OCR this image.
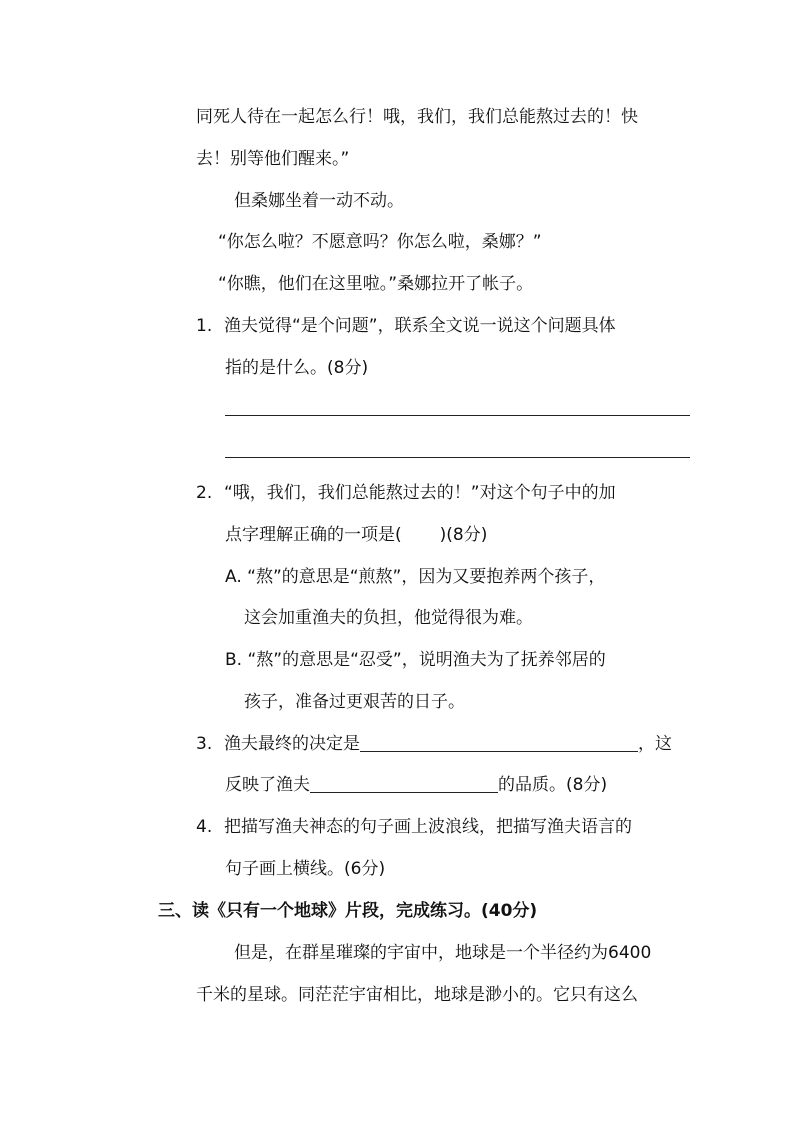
同死人待在一起怎么行！哦，我们，我们总能熬过去的！快
去！别等他们醒来。”
但桑娜坐着一动不动。
“你怎么啦？不愿意吗？你怎么啦，桑娜？”
“你瞧，他们在这里啦。”桑娜拉开了帐子。
1. 渔夫觉得“是个问题”，联系全文说一说这个问题具体
指的是什么。(8分)
2. “哦，我们，我们总能熬过去的！”对这个句子中的加
点字理解正确的一项是( )(8分)
A. “熬”的意思是“煎熬”，因为又要抱养两个孩子，
这会加重渔夫的负担，他觉得很为难。
B. “熬”的意思是“忍受”，说明渔夫为了抚养邻居的
孩子，准备过更艰苦的日子。
3. 渔夫最终的决定是	，这
反映了渔夫	的品质。(8分)
4. 把描写渔夫神态的句子画上波浪线，把描写渔夫语言的
句子画上横线。(6分)
三、读《只有一个地球》片段，完成练习。(40分)
但是，在群星璀璨的宇宙中，地球是一个半径约为6400
千米的星球。同茫茫宇宙相比，地球是渺小的。它只有这么
